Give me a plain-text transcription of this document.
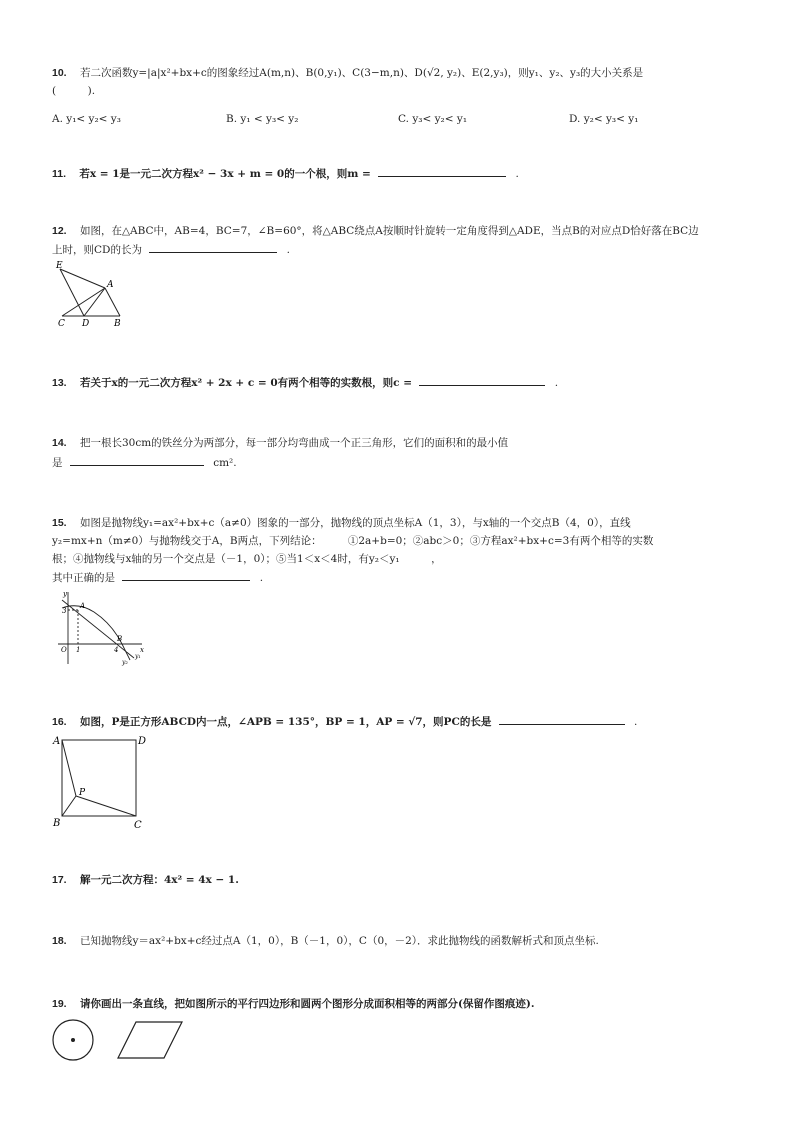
10. 若二次函数y=|a|x²+bx+c的图象经过A(m,n)、B(0,y₁)、C(3−m,n)、D(√2, y₂)、E(2,y₃)，则y₁、y₂、y₃的大小关系是
(　　　).
A. y₁< y₂< y₃	B. y₁ < y₃< y₂	C. y₃< y₂< y₁	D. y₂< y₃< y₁
11. 若x = 1是一元二次方程x² − 3x + m = 0的一个根，则m =	.
12. 如图，在△ABC中，AB=4，BC=7，∠B=60°，将△ABC绕点A按顺时针旋转一定角度得到△ADE，当点B的对应点D恰好落在BC边
上时，则CD的长为	.
E
A
C D	B
13. 若关于x的一元二次方程x² + 2x + c = 0有两个相等的实数根，则c =	.
14. 把一根长30cm的铁丝分为两部分，每一部分均弯曲成一个正三角形，它们的面积和的最小值
是	cm².
15. 如图是抛物线y₁=ax²+bx+c（a≠0）图象的一部分，抛物线的顶点坐标A（1，3），与x轴的一个交点B（4，0），直线
y₂=mx+n（m≠0）与抛物线交于A，B两点，下列结论：　　　①2a+b=0；②abc＞0；③方程ax²+bx+c=3有两个相等的实数
根；④抛物线与x轴的另一个交点是（－1，0）；⑤当1＜x＜4时，有y₂＜y₁　　　，
其中正确的是	.
y
x
O 1	4
3
A
B
y₁
y₂
16. 如图，P是正方形ABCD内一点，∠APB = 135°，BP = 1，AP = √7，则PC的长是	.
A	D
B	C
P
17. 解一元二次方程：4x² = 4x − 1.
18. 已知抛物线y＝ax²+bx+c经过点A（1，0），B（－1，0），C（0，－2）．求此抛物线的函数解析式和顶点坐标.
19. 请你画出一条直线，把如图所示的平行四边形和圆两个图形分成面积相等的两部分(保留作图痕迹).
